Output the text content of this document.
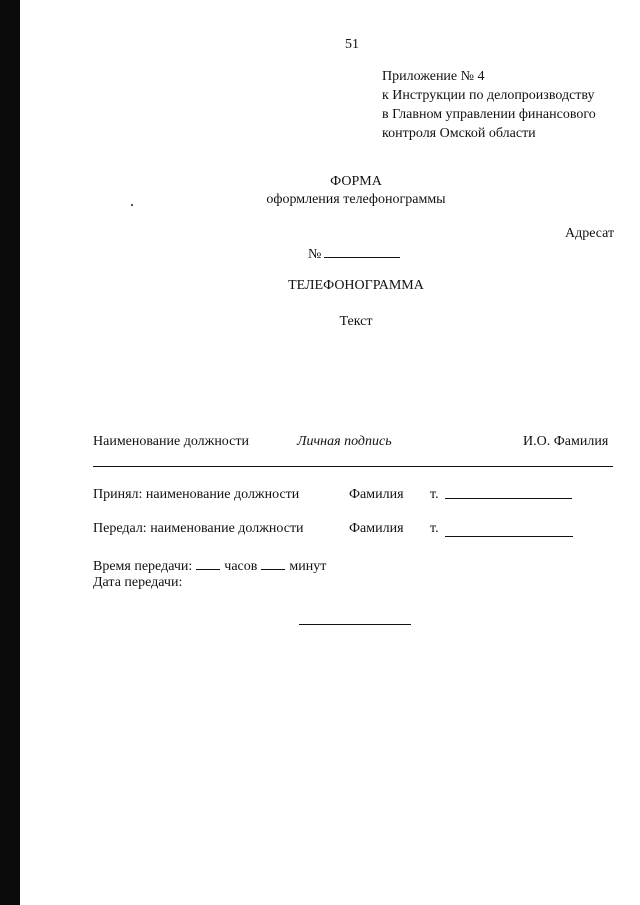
51
Приложение № 4
к Инструкции по делопроизводству
в Главном управлении финансового
контроля Омской области
ФОРМА
оформления телефонограммы
Адресат
№
ТЕЛЕФОНОГРАММА
Текст
Наименование должности	Личная подпись	И.О. Фамилия
Принял: наименование должности	Фамилия т.
Передал: наименование должности	Фамилия т.
Время передачи: часов минут
Дата передачи:
